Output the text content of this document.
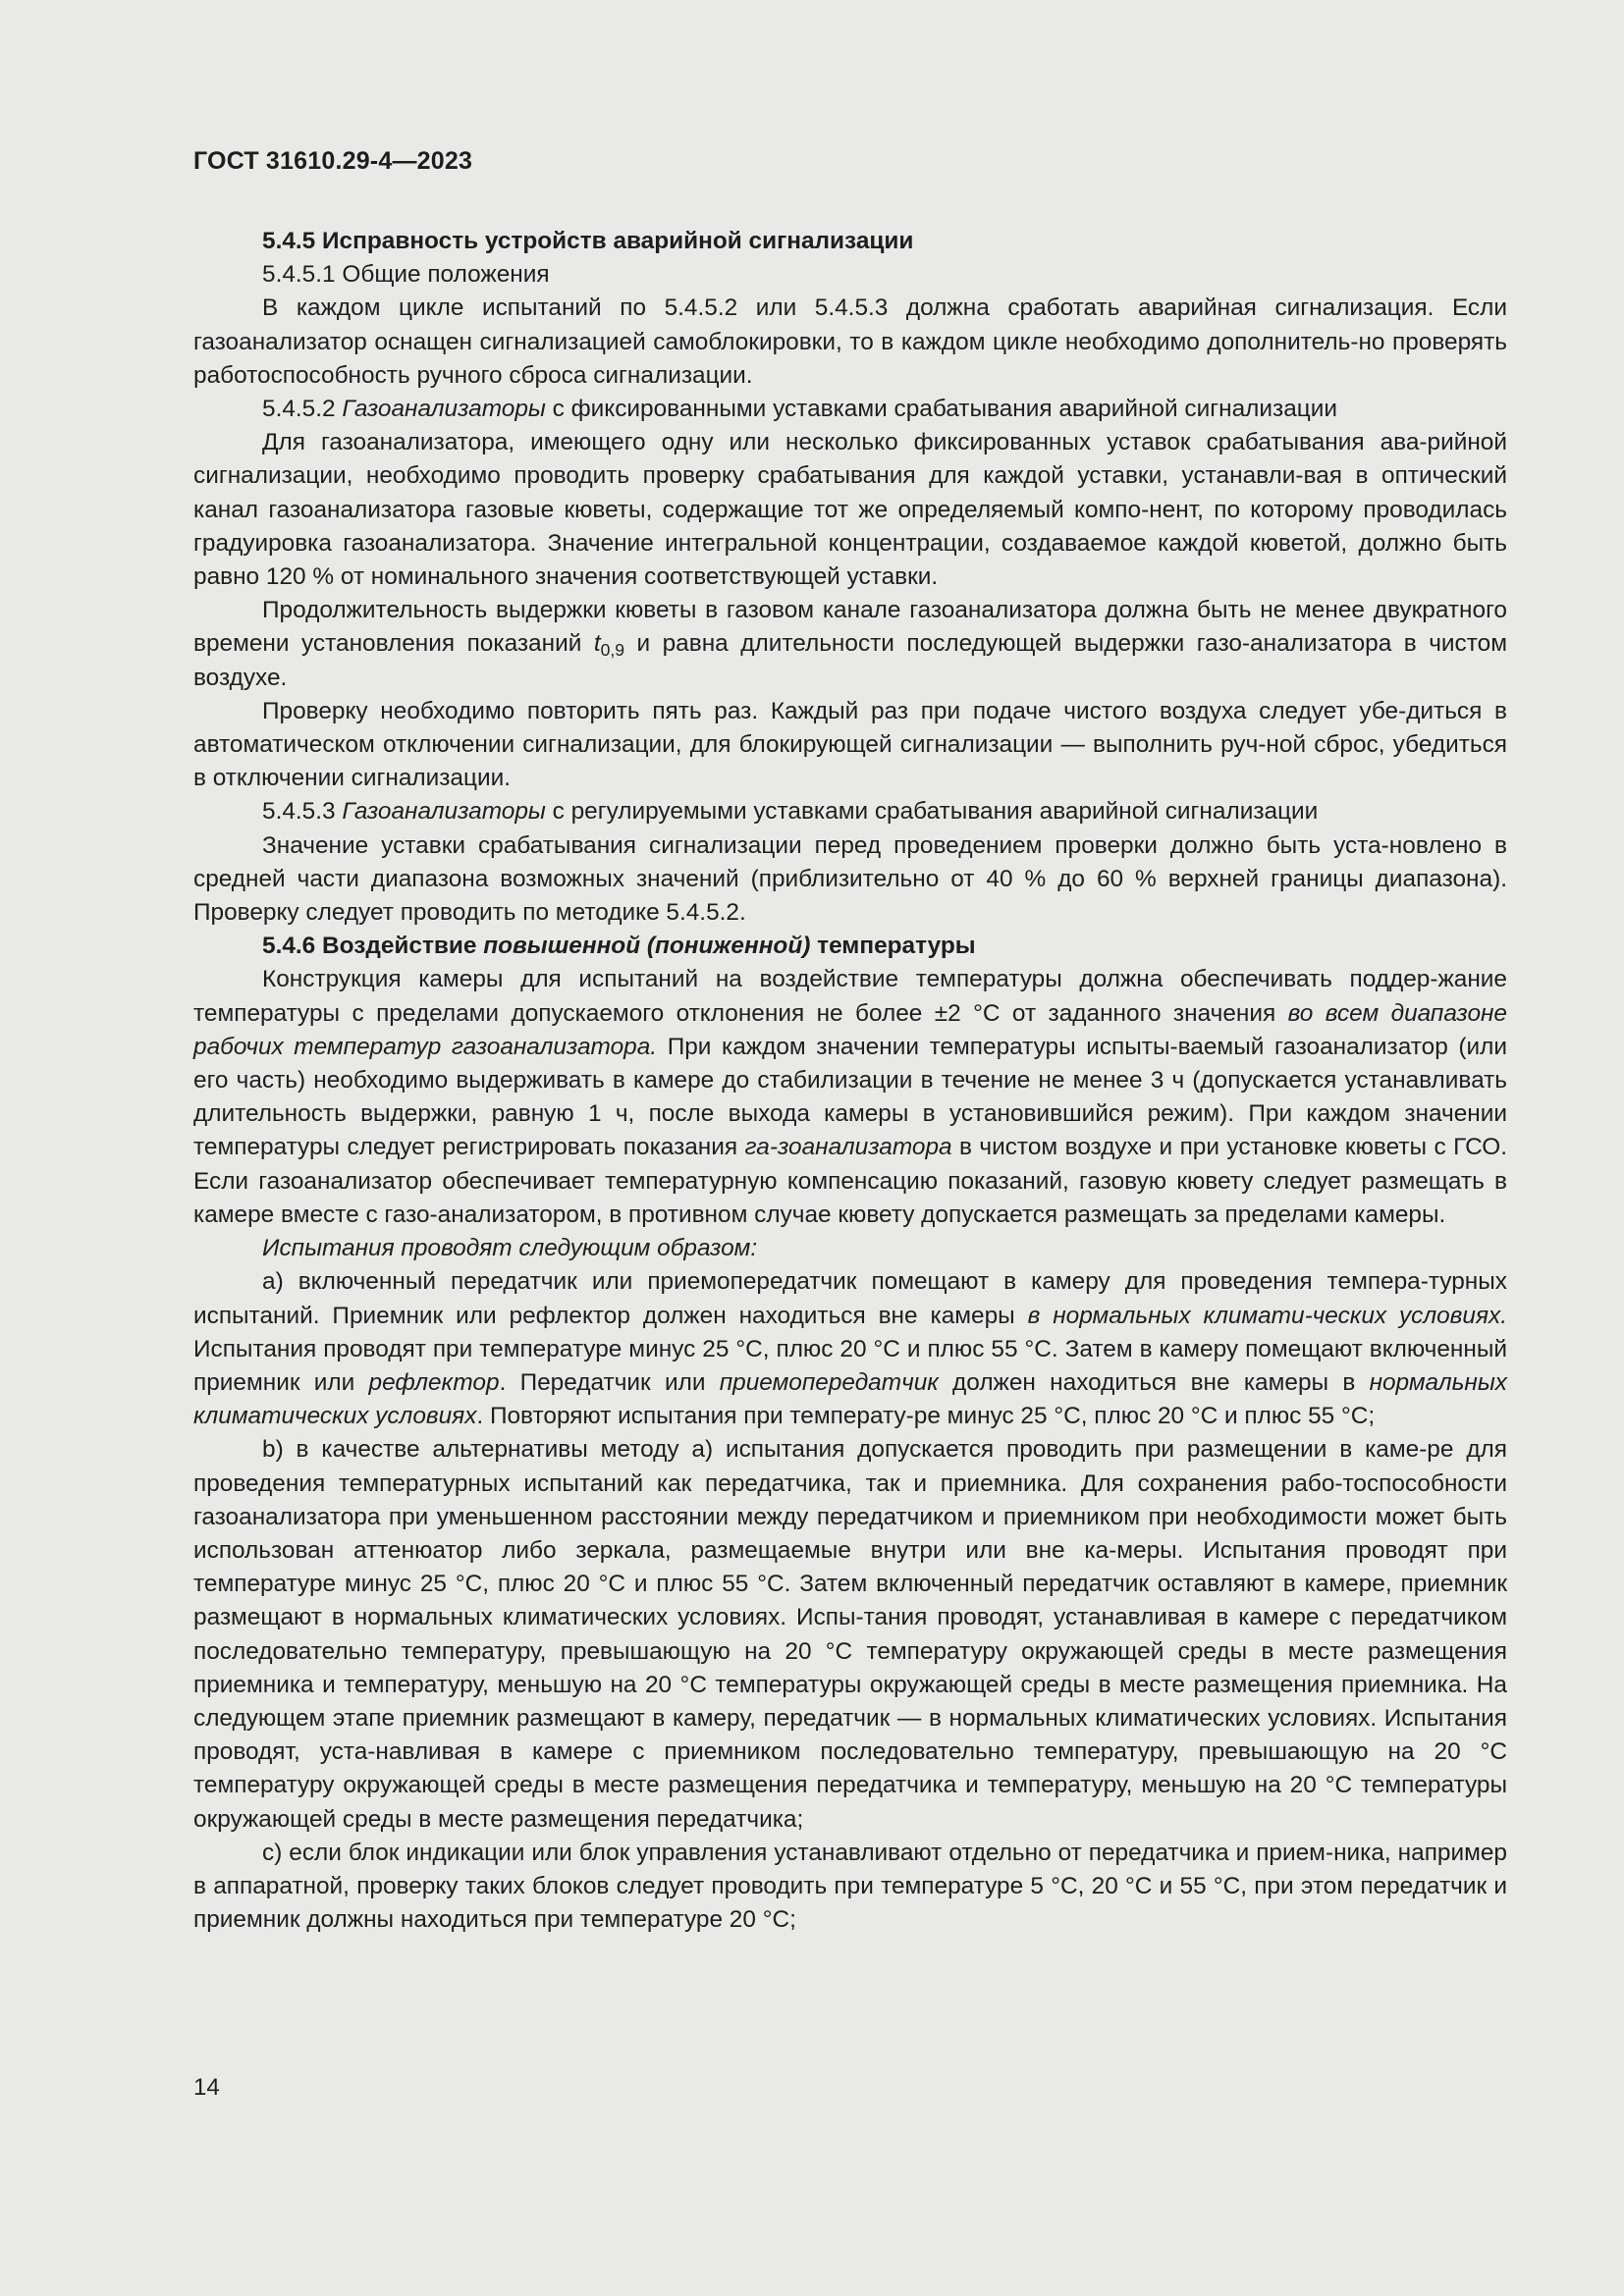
ГОСТ 31610.29-4—2023

5.4.5 Исправность устройств аварийной сигнализации

5.4.5.1 Общие положения

В каждом цикле испытаний по 5.4.5.2 или 5.4.5.3 должна сработать аварийная сигнализация. Если газоанализатор оснащен сигнализацией самоблокировки, то в каждом цикле необходимо дополнитель-но проверять работоспособность ручного сброса сигнализации.

5.4.5.2 Газоанализаторы с фиксированными уставками срабатывания аварийной сигнализации

Для газоанализатора, имеющего одну или несколько фиксированных уставок срабатывания ава-рийной сигнализации, необходимо проводить проверку срабатывания для каждой уставки, устанавли-вая в оптический канал газоанализатора газовые кюветы, содержащие тот же определяемый компо-нент, по которому проводилась градуировка газоанализатора. Значение интегральной концентрации, создаваемое каждой кюветой, должно быть равно 120 % от номинального значения соответствующей уставки.

Продолжительность выдержки кюветы в газовом канале газоанализатора должна быть не менее двукратного времени установления показаний $t_{0,9}$ и равна длительности последующей выдержки газо-анализатора в чистом воздухе.

Проверку необходимо повторить пять раз. Каждый раз при подаче чистого воздуха следует убе-диться в автоматическом отключении сигнализации, для блокирующей сигнализации — выполнить руч-ной сброс, убедиться в отключении сигнализации.

5.4.5.3 Газоанализаторы с регулируемыми уставками срабатывания аварийной сигнализации

Значение уставки срабатывания сигнализации перед проведением проверки должно быть уста-новлено в средней части диапазона возможных значений (приблизительно от 40 % до 60 % верхней границы диапазона). Проверку следует проводить по методике 5.4.5.2.

5.4.6 Воздействие повышенной (пониженной) температуры

Конструкция камеры для испытаний на воздействие температуры должна обеспечивать поддер-жание температуры с пределами допускаемого отклонения не более ±2 °С от заданного значения во всем диапазоне рабочих температур газоанализатора. При каждом значении температуры испыты-ваемый газоанализатор (или его часть) необходимо выдерживать в камере до стабилизации в течение не менее 3 ч (допускается устанавливать длительность выдержки, равную 1 ч, после выхода камеры в установившийся режим). При каждом значении температуры следует регистрировать показания га-зоанализатора в чистом воздухе и при установке кюветы с ГСО. Если газоанализатор обеспечивает температурную компенсацию показаний, газовую кювету следует размещать в камере вместе с газо-анализатором, в противном случае кювету допускается размещать за пределами камеры.

Испытания проводят следующим образом:

a) включенный передатчик или приемопередатчик помещают в камеру для проведения темпера-турных испытаний. Приемник или рефлектор должен находиться вне камеры в нормальных климати-ческих условиях. Испытания проводят при температуре минус 25 °С, плюс 20 °С и плюс 55 °С. Затем в камеру помещают включенный приемник или рефлектор. Передатчик или приемопередатчик должен находиться вне камеры в нормальных климатических условиях. Повторяют испытания при температу-ре минус 25 °С, плюс 20 °С и плюс 55 °С;

b) в качестве альтернативы методу а) испытания допускается проводить при размещении в каме-ре для проведения температурных испытаний как передатчика, так и приемника. Для сохранения рабо-тоспособности газоанализатора при уменьшенном расстоянии между передатчиком и приемником при необходимости может быть использован аттенюатор либо зеркала, размещаемые внутри или вне ка-меры. Испытания проводят при температуре минус 25 °С, плюс 20 °С и плюс 55 °С. Затем включенный передатчик оставляют в камере, приемник размещают в нормальных климатических условиях. Испы-тания проводят, устанавливая в камере с передатчиком последовательно температуру, превышающую на 20 °С температуру окружающей среды в месте размещения приемника и температуру, меньшую на 20 °С температуры окружающей среды в месте размещения приемника. На следующем этапе приемник размещают в камеру, передатчик — в нормальных климатических условиях. Испытания проводят, уста-навливая в камере с приемником последовательно температуру, превышающую на 20 °С температуру окружающей среды в месте размещения передатчика и температуру, меньшую на 20 °С температуры окружающей среды в месте размещения передатчика;

c) если блок индикации или блок управления устанавливают отдельно от передатчика и прием-ника, например в аппаратной, проверку таких блоков следует проводить при температуре 5 °С, 20 °С и 55 °С, при этом передатчик и приемник должны находиться при температуре 20 °С;

14
